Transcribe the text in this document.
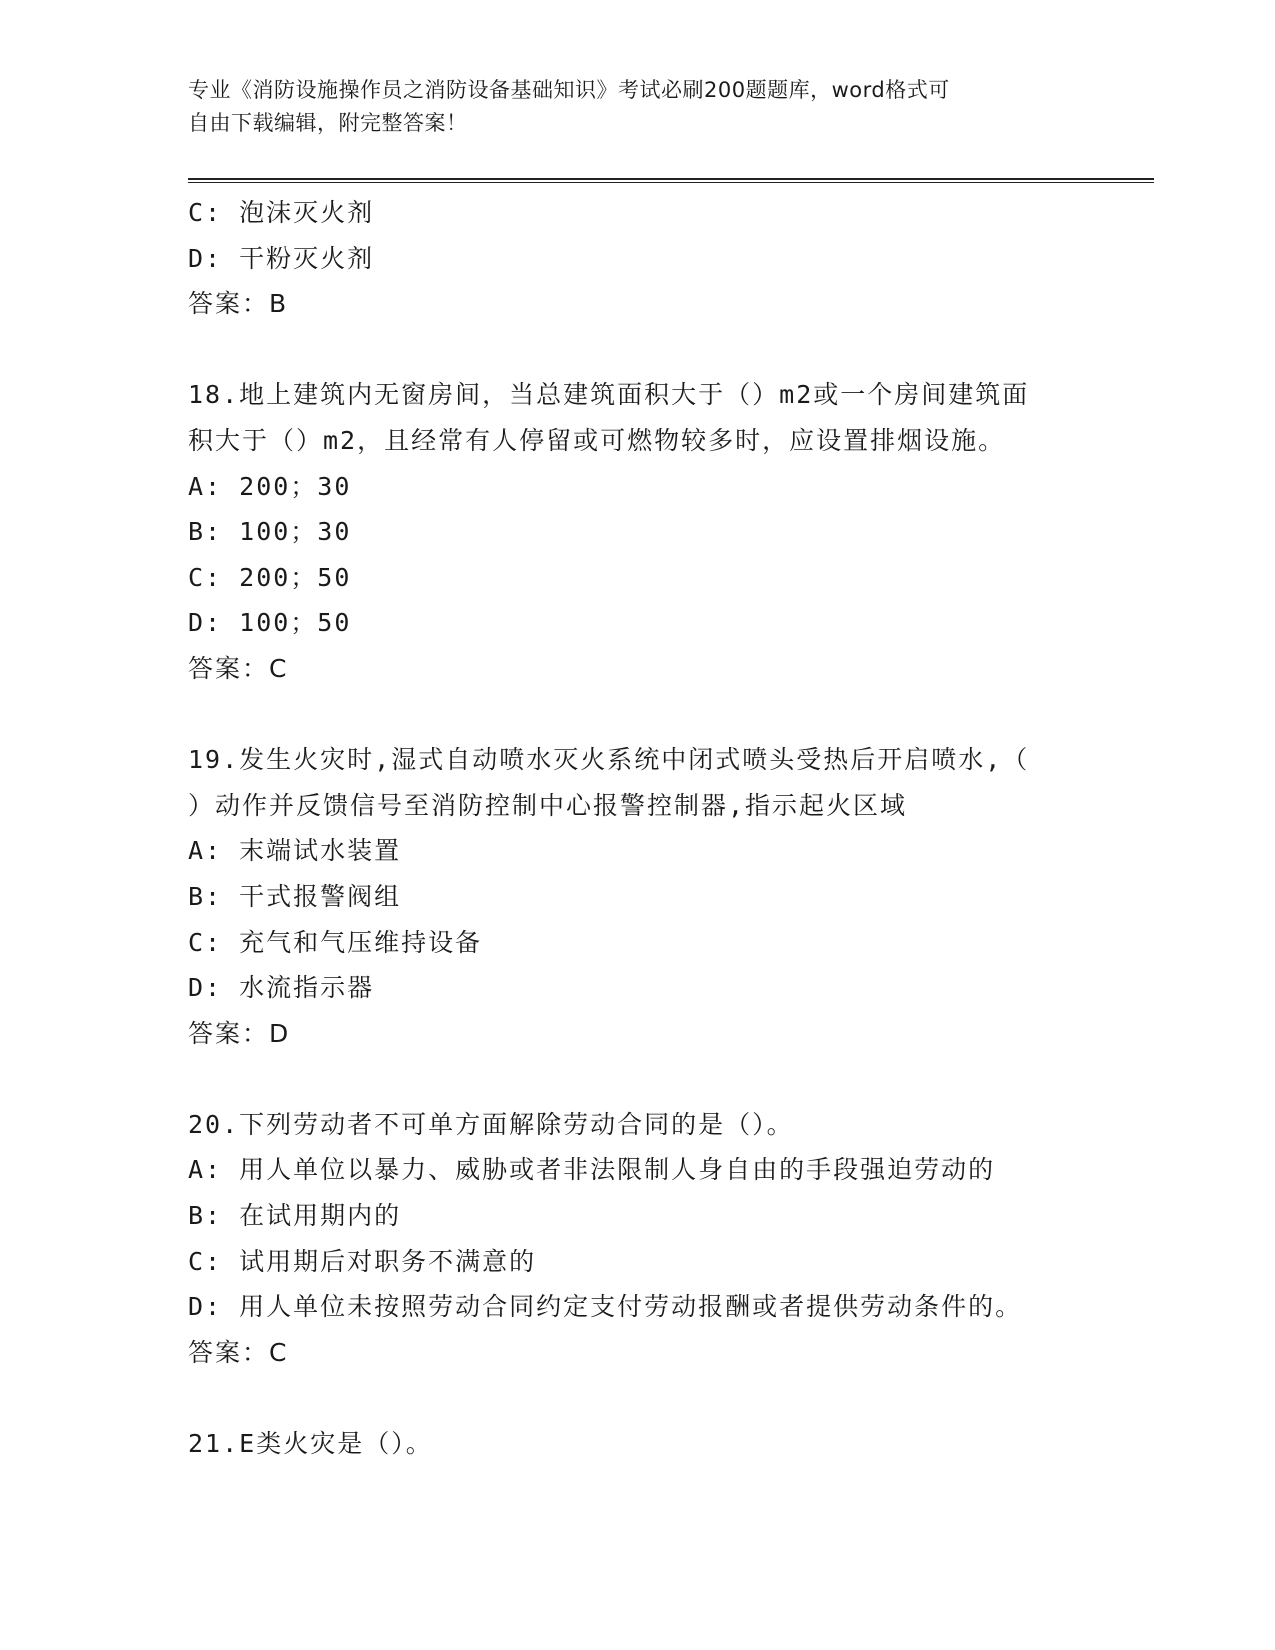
专业《消防设施操作员之消防设备基础知识》考试必刷200题题库，word格式可
自由下载编辑，附完整答案！
C: 泡沫灭火剂
D: 干粉灭火剂
答案：B
18.地上建筑内无窗房间，当总建筑面积大于（）m2或一个房间建筑面
积大于（）m2，且经常有人停留或可燃物较多时，应设置排烟设施。
A: 200；30
B: 100；30
C: 200；50
D: 100；50
答案：C
19.发生火灾时,湿式自动喷水灭火系统中闭式喷头受热后开启喷水,（
）动作并反馈信号至消防控制中心报警控制器,指示起火区域
A: 末端试水装置
B: 干式报警阀组
C: 充气和气压维持设备
D: 水流指示器
答案：D
20.下列劳动者不可单方面解除劳动合同的是（）。
A: 用人单位以暴力、威胁或者非法限制人身自由的手段强迫劳动的
B: 在试用期内的
C: 试用期后对职务不满意的
D: 用人单位未按照劳动合同约定支付劳动报酬或者提供劳动条件的。
答案：C
21.E类火灾是（）。
